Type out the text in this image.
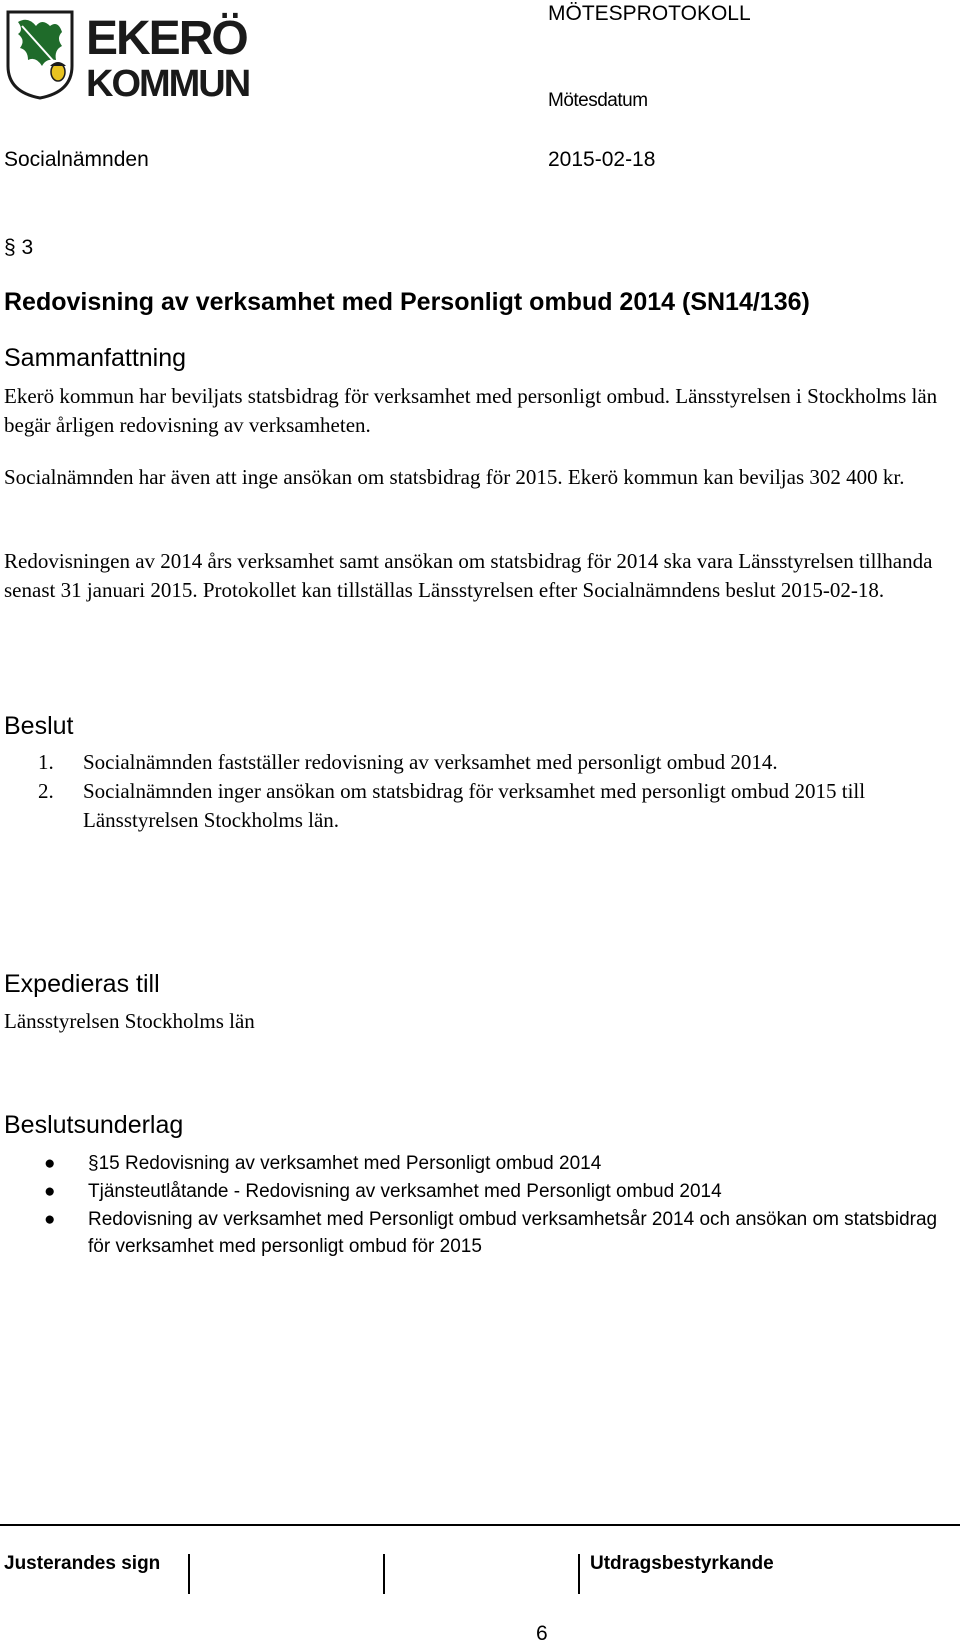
EKERÖ
KOMMUN
MÖTESPROTOKOLL
Mötesdatum
Socialnämnden	2015-02-18
§ 3
Redovisning av verksamhet med Personligt ombud 2014 (SN14/136)
Sammanfattning
Ekerö kommun har beviljats statsbidrag för verksamhet med personligt ombud. Länsstyrelsen i Stockholms län begär årligen redovisning av verksamheten.
Socialnämnden har även att inge ansökan om statsbidrag för 2015. Ekerö kommun kan beviljas 302 400 kr.
Redovisningen av 2014 års verksamhet samt ansökan om statsbidrag för 2014 ska vara Länsstyrelsen tillhanda senast 31 januari 2015. Protokollet kan tillställas Länsstyrelsen efter Socialnämndens beslut 2015-02-18.
Beslut
1.	Socialnämnden fastställer redovisning av verksamhet med personligt ombud 2014.
2.	Socialnämnden inger ansökan om statsbidrag för verksamhet med personligt ombud 2015 till Länsstyrelsen Stockholms län.
Expedieras till
Länsstyrelsen Stockholms län
Beslutsunderlag
● §15 Redovisning av verksamhet med Personligt ombud 2014
● Tjänsteutlåtande - Redovisning av verksamhet med Personligt ombud 2014
● Redovisning av verksamhet med Personligt ombud verksamhetsår 2014 och ansökan om statsbidrag för verksamhet med personligt ombud för 2015
Justerandes sign	Utdragsbestyrkande
6
